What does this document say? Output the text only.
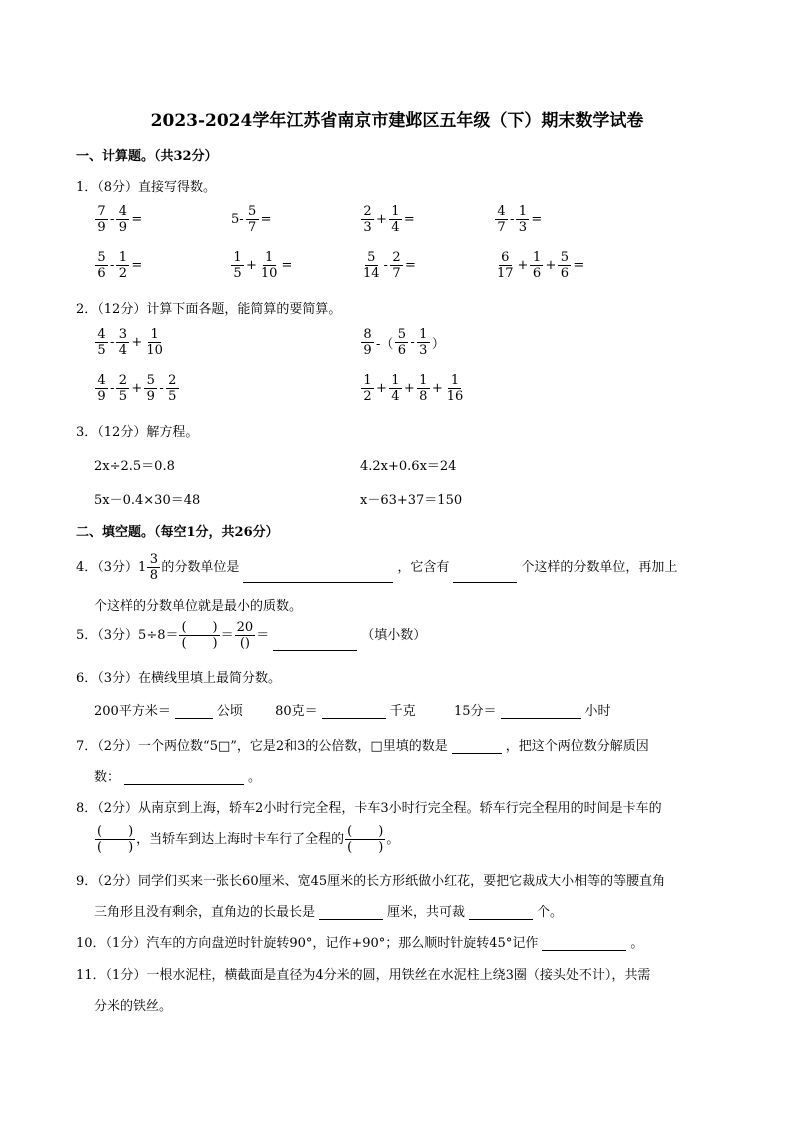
2023-2024学年江苏省南京市建邺区五年级（下）期末数学试卷
一、计算题。（共32分）
1．（8分）直接写得数。
$\frac{7}{9} - \frac{4}{9}$ =	$5- \frac{5}{7}$ =	$\frac{2}{3} + \frac{1}{4}$ =	$\frac{4}{7} - \frac{1}{3}$ =
$\frac{5}{6} - \frac{1}{2}$ =	$\frac{1}{5} + \frac{1}{10}$ =	$\frac{5}{14} - \frac{2}{7}$ =	$\frac{6}{17} + \frac{1}{6} + \frac{5}{6}$ =
2．（12分）计算下面各题，能简算的要简算。
$\frac{4}{5} - \frac{3}{4} + \frac{1}{10}$	$\frac{8}{9}$ -（ $\frac{5}{6} - \frac{1}{3}$ ）
$\frac{4}{9} - \frac{2}{5} + \frac{5}{9} - \frac{2}{5}$	$\frac{1}{2} + \frac{1}{4} + \frac{1}{8} + \frac{1}{16}$
3．（12分）解方程。
2x÷2.5＝0.8	4.2x+0.6x＝24
5x－0.4×30＝48	x－63+37＝150
二、填空题。（每空1分，共26分）
4．（3分）$1 \frac{3}{8}$ 的分数单位是	，它含有	个这样的分数单位，再加上
个这样的分数单位就是最小的质数。
5．（3分）$5\div 8= \frac{( )}{( )} = \frac{20}{()}$ ＝	（填小数）
6．（3分）在横线里填上最简分数。
200平方米＝	公顷 80克＝	千克	15分＝	小时
7．（2分）一个两位数“5□”，它是2和3的公倍数，□里填的数是	，把这个两位数分解质因
数：	。
8．（2分）从南京到上海，轿车2小时行完全程，卡车3小时行完全程。轿车行完全程用的时间是卡车的
$\frac{( )}{( )}$ ，当轿车到达上海时卡车行了全程的 $\frac{( )}{( )}$ 。
9．（2分）同学们买来一张长60厘米、宽45厘米的长方形纸做小红花，要把它裁成大小相等的等腰直角
三角形且没有剩余，直角边的长最长是	厘米，共可裁	个。
10．（1分）汽车的方向盘逆时针旋转90°，记作+90°；那么顺时针旋转45°记作	。
11．（1分）一根水泥柱，横截面是直径为4分米的圆，用铁丝在水泥柱上绕3圈（接头处不计），共需
分米的铁丝。
